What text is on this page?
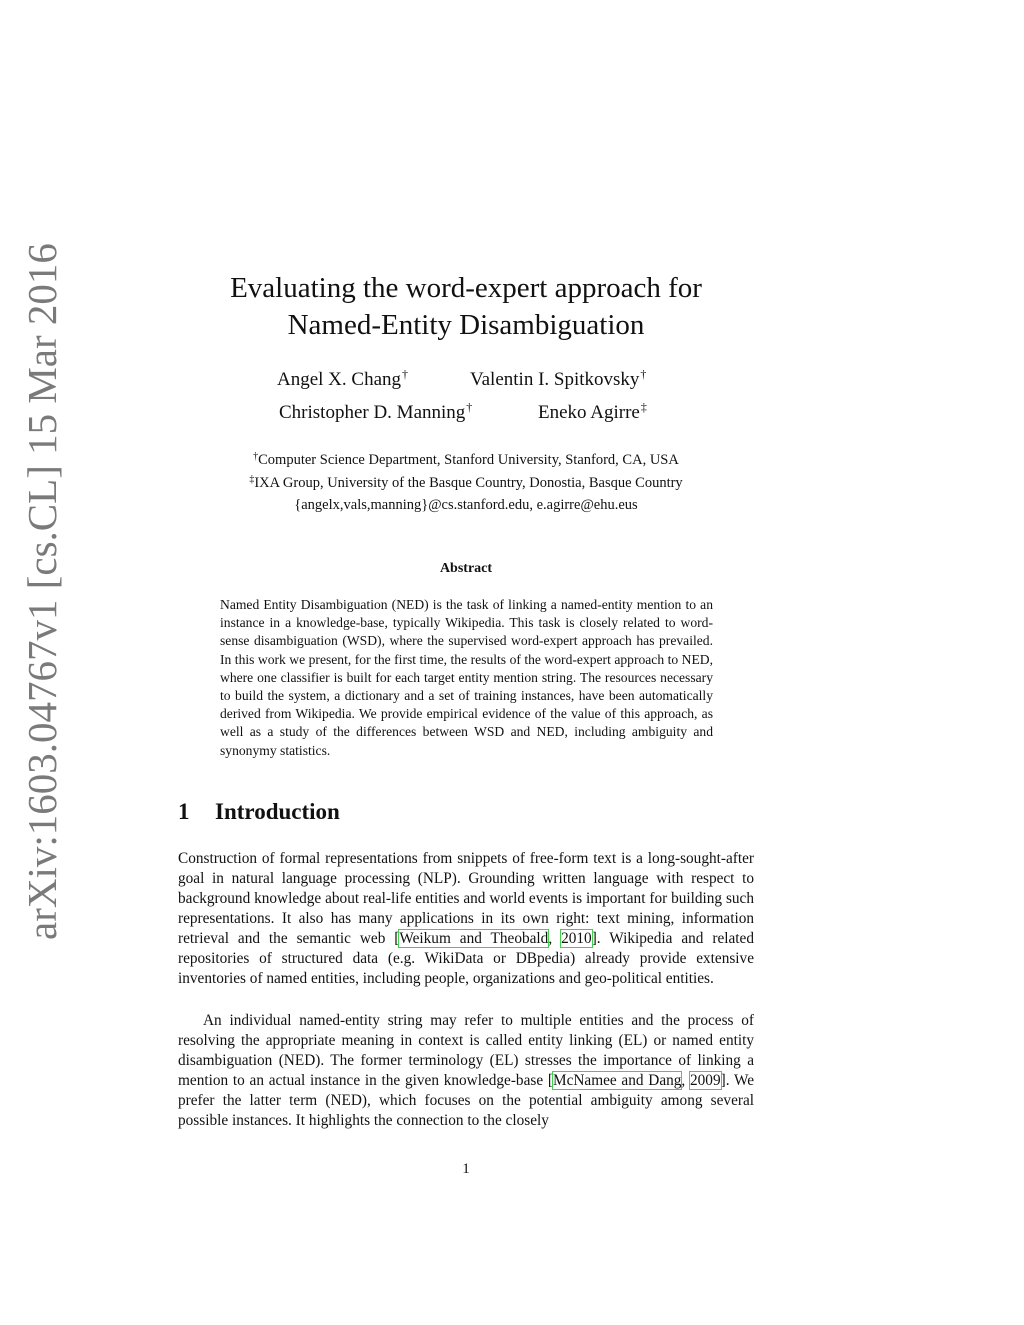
arXiv:1603.04767v1 [cs.CL] 15 Mar 2016	Evaluating the word-expert approach for
Named-Entity Disambiguation
Angel X. Chang†	Valentin I. Spitkovsky†
Christopher D. Manning†	Eneko Agirre‡
†Computer Science Department, Stanford University, Stanford, CA, USA
‡IXA Group, University of the Basque Country, Donostia, Basque Country
{angelx,vals,manning}@cs.stanford.edu, e.agirre@ehu.eus
Abstract
Named Entity Disambiguation (NED) is the task of linking a named-entity mention to an instance in a knowledge-base, typically Wikipedia. This task is closely related to word-sense disambiguation (WSD), where the supervised word-expert approach has prevailed. In this work we present, for the first time, the results of the word-expert approach to NED, where one classifier is built for each target entity mention string. The resources necessary to build the system, a dictionary and a set of training instances, have been automatically derived from Wikipedia. We provide empirical evidence of the value of this approach, as well as a study of the differences between WSD and NED, including ambiguity and synonymy statistics.
1 Introduction
Construction of formal representations from snippets of free-form text is a long-sought-after goal in natural language processing (NLP). Grounding written language with respect to background knowledge about real-life entities and world events is important for building such representations. It also has many applications in its own right: text mining, information retrieval and the semantic web [Weikum and Theobald, 2010]. Wikipedia and related repositories of structured data (e.g. WikiData or DBpedia) already provide extensive inventories of named entities, including people, organizations and geo-political entities.
An individual named-entity string may refer to multiple entities and the process of resolving the appropriate meaning in context is called entity linking (EL) or named entity disambiguation (NED). The former terminology (EL) stresses the importance of linking a mention to an actual instance in the given knowledge-base [McNamee and Dang, 2009]. We prefer the latter term (NED), which focuses on the potential ambiguity among several possible instances. It highlights the connection to the closely
1
